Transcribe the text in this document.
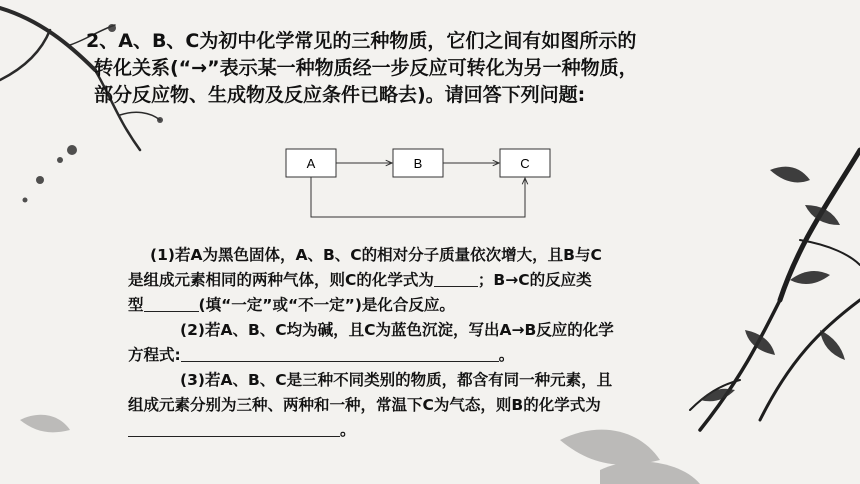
2、A、B、C为初中化学常见的三种物质，它们之间有如图所示的
转化关系(“→”表示某一种物质经一步反应可转化为另一种物质，
部分反应物、生成物及反应条件已略去)。请回答下列问题:
A	B	C
(1)若A为黑色固体，A、B、C的相对分子质量依次增大，且B与C
是组成元素相同的两种气体，则C的化学式为	；B→C的反应类
型	(填“一定”或“不一定”)是化合反应。
(2)若A、B、C均为碱，且C为蓝色沉淀，写出A→B反应的化学
方程式:	。
(3)若A、B、C是三种不同类别的物质，都含有同一种元素，且
组成元素分别为三种、两种和一种，常温下C为气态，则B的化学式为
。
